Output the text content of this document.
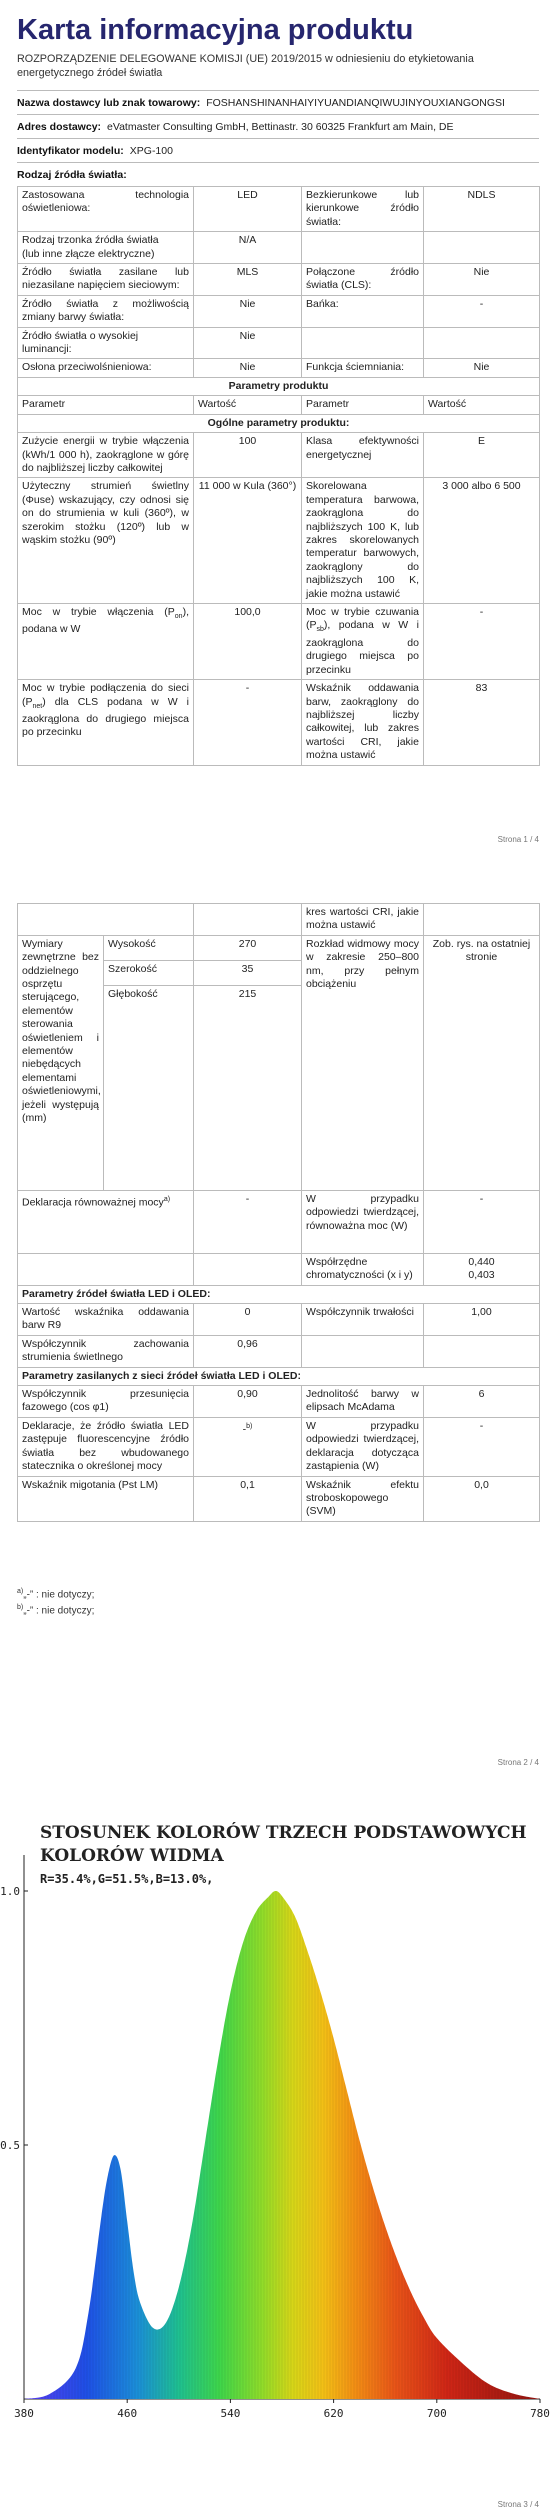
Karta informacyjna produktu
ROZPORZĄDZENIE DELEGOWANE KOMISJI (UE) 2019/2015 w odniesieniu do etykietowania energetycznego źródeł światła
Nazwa dostawcy lub znak towarowy: FOSHANSHINANHAIYIYUANDIANQIWUJINYOUXIANGONGSI
Adres dostawcy: eVatmaster Consulting GmbH, Bettinastr. 30 60325 Frankfurt am Main, DE
Identyfikator modelu: XPG-100
Rodzaj źródła światła:
Zastosowana technologia oświetleniowa:	LED	Bezkierunkowe lub kierunkowe źródło światła:	NDLS
Rodzaj trzonka źródła światła
(lub inne złącze elektryczne)	N/A		
Źródło światła zasilane lub niezasilane napięciem sieciowym:	MLS	Połączone źródło światła (CLS):	Nie
Źródło światła z możliwością zmiany barwy światła:	Nie	Bańka:	-
Źródło światła o wysokiej luminancji:	Nie		
Osłona przeciwolśnieniowa:	Nie	Funkcja ściemniania:	Nie
Parametry produktu			
Parametr	Wartość	Parametr	Wartość
Ogólne parametry produktu:			
Zużycie energii w trybie włączenia (kWh/1 000 h), zaokrąglone w górę do najbliższej liczby całkowitej	100	Klasa efektywności energetycznej	E
Użyteczny strumień świetlny (Φuse) wskazujący, czy odnosi się on do strumienia w kuli (360º), w szerokim stożku (120º) lub w wąskim stożku (90º)	11 000 w Kula (360°)	Skorelowana temperatura barwowa, zaokrąglona do najbliższych 100 K, lub zakres skorelowanych temperatur barwowych, zaokrąglony do najbliższych 100 K, jakie można ustawić	3 000 albo 6 500
Moc w trybie włączenia $(P_{on})$, podana w W	100,0	Moc w trybie czuwania $(P_{sb})$, podana w W i zaokrąglona do drugiego miejsca po przecinku	-
Moc w trybie podłączenia do sieci $(P_{net})$ dla CLS podana w W i zaokrąglona do drugiego miejsca po przecinku	-	Wskaźnik oddawania barw, zaokrąglony do najbliższej liczby całkowitej, lub zakres wartości CRI, jakie można ustawić	83
Strona 1 / 4
			kres wartości CRI, jakie można ustawić	
Wymiary zewnętrzne bez oddzielnego osprzętu sterującego, elementów sterowania oświetleniem i elementów niebędących elementami oświetleniowymi, jeżeli występują (mm)	Wysokość	270	Rozkład widmowy mocy w zakresie 250–800 nm, przy pełnym obciążeniu	Zob. rys. na ostatniej stronie
	Szerokość	35		
	Głębokość	215		
Deklaracja równoważnej mocy$^{a)}$		-	W przypadku odpowiedzi twierdzącej, równoważna moc (W)	-
			Współrzędne chromatyczności (x i y)	0,440
0,403
Parametry źródeł światła LED i OLED:				
Wartość wskaźnika oddawania barw R9		0	Współczynnik trwałości	1,00
Współczynnik zachowania strumienia świetlnego		0,96		
Parametry zasilanych z sieci źródeł światła LED i OLED:				
Współczynnik przesunięcia fazowego (cos φ1)		0,90	Jednolitość barwy w elipsach McAdama	6
Deklaracje, że źródło światła LED zastępuje fluorescencyjne źródło światła bez wbudowanego statecznika o określonej mocy		-$^{b)}$	W przypadku odpowiedzi twierdzącej, deklaracja dotycząca zastąpienia (W)	-
Wskaźnik migotania (Pst LM)		0,1	Wskaźnik efektu stroboskopowego (SVM)	0,0
$^{a)}$„-” : nie dotyczy;
$^{b)}$„-” : nie dotyczy;
Strona 2 / 4
STOSUNEK KOLORÓW TRZECH PODSTAWOWYCH
KOLORÓW WIDMA
R=35.4%,G=51.5%,B=13.0%,
380	460	540	620	700	780
1.0
0.5
Strona 3 / 4
